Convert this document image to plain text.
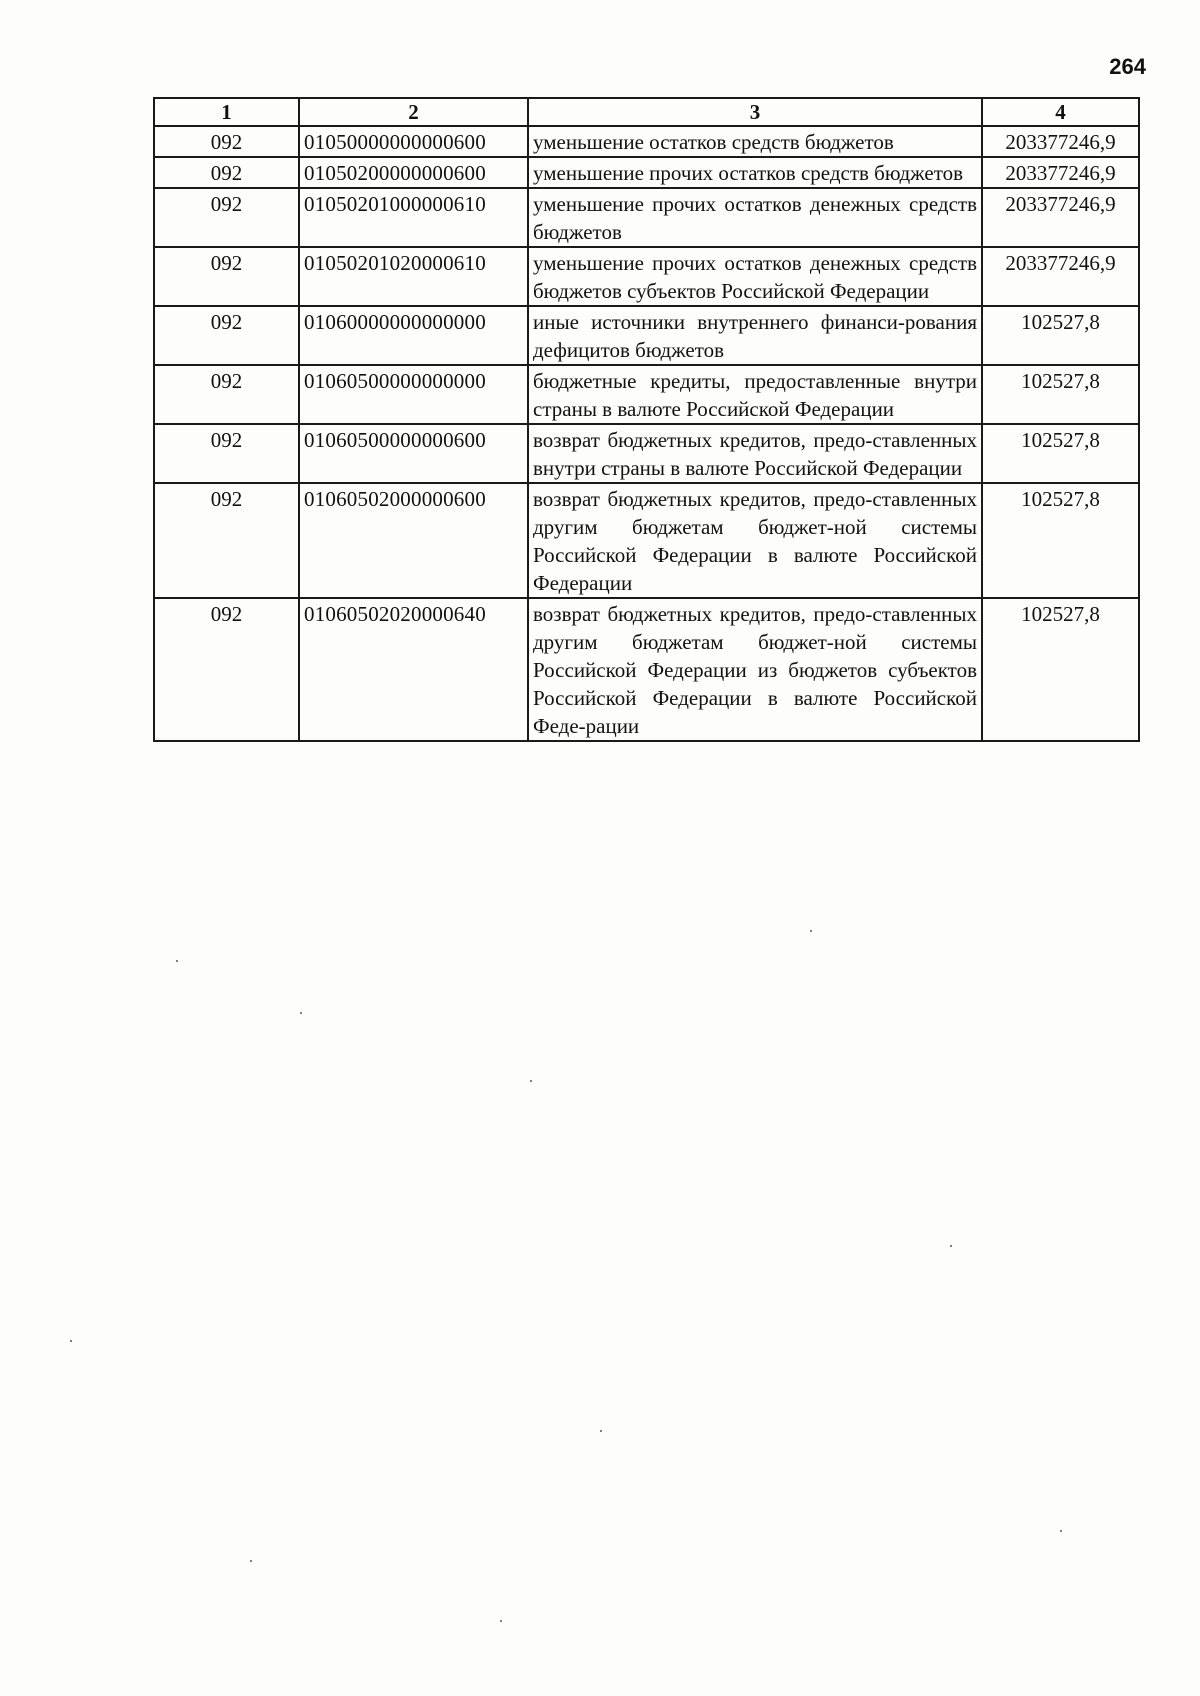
264
1	2	3	4
092	01050000000000600	уменьшение остатков средств бюджетов	203377246,9
092	01050200000000600	уменьшение прочих остатков средств бюджетов	203377246,9
092	01050201000000610	уменьшение прочих остатков денежных средств бюджетов	203377246,9
092	01050201020000610	уменьшение прочих остатков денежных средств бюджетов субъектов Российской Федерации	203377246,9
092	01060000000000000	иные источники внутреннего финанси-рования дефицитов бюджетов	102527,8
092	01060500000000000	бюджетные кредиты, предоставленные внутри страны в валюте Российской Федерации	102527,8
092	01060500000000600	возврат бюджетных кредитов, предо-ставленных внутри страны в валюте Российской Федерации	102527,8
092	01060502000000600	возврат бюджетных кредитов, предо-ставленных другим бюджетам бюджет-ной системы Российской Федерации в валюте Российской Федерации	102527,8
092	01060502020000640	возврат бюджетных кредитов, предо-ставленных другим бюджетам бюджет-ной системы Российской Федерации из бюджетов субъектов Российской Федерации в валюте Российской Феде-рации	102527,8
